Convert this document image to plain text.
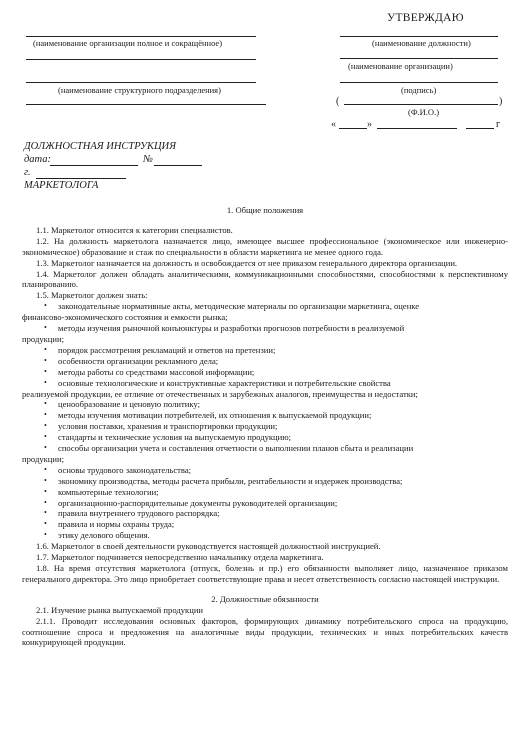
УТВЕРЖДАЮ
(наименование организации полное и сокращённое)	(наименование должности)
(наименование организации)
(наименование структурного подразделения)	(подпись)
(	)
(Ф.И.О.)
«	»	г
ДОЛЖНОСТНАЯ ИНСТРУКЦИЯ
дата:	№
г.
МАРКЕТОЛОГА

1. Общие положения

1.1. Маркетолог относится к категории специалистов.

1.2. На должность маркетолога назначается лицо, имеющее высшее профессиональное (экономическое или инженерно-экономическое) образование и стаж по специальности в области маркетинга не менее одного года.

1.3. Маркетолог назначается на должность и освобождается от нее приказом генерального директора организации.

1.4. Маркетолог должен обладать аналитическими, коммуникационными способностями, способностями к перспективному планированию.

1.5. Маркетолог должен знать:

• законодательные нормативные акты, методические материалы по организации маркетинга, оценке

финансово-экономического состояния и емкости рынка;

• методы изучения рыночной конъюнктуры и разработки прогнозов потребности в реализуемой

продукции;

• порядок рассмотрения рекламаций и ответов на претензии;

• особенности организации рекламного дела;

• методы работы со средствами массовой информации;

• основные технологические и конструктивные характеристики и потребительские свойства

реализуемой продукции, ее отличие от отечественных и зарубежных аналогов, преимущества и недостатки;

• ценообразование и ценовую политику;

• методы изучения мотивации потребителей, их отношения к выпускаемой продукции;

• условия поставки, хранения и транспортировки продукции;

• стандарты и технические условия на выпускаемую продукцию;

• способы организации учета и составления отчетности о выполнении планов сбыта и реализации

продукции;

• основы трудового законодательства;

• экономику производства, методы расчета прибыли, рентабельности и издержек производства;

• компьютерные технологии;

• организационно-распорядительные документы руководителей организации;

• правила внутреннего трудового распорядка;

• правила и нормы охраны труда;

• этику делового общения.

1.6. Маркетолог в своей деятельности руководствуется настоящей должностной инструкцией.

1.7. Маркетолог подчиняется непосредственно начальнику отдела маркетинга.

1.8. На время отсутствия маркетолога (отпуск, болезнь и пр.) его обязанности выполняет лицо, назначенное приказом генерального директора. Это лицо приобретает соответствующие права и несет ответственность согласно настоящей инструкции.

2. Должностные обязанности

2.1. Изучение рынка выпускаемой продукции

2.1.1. Проводит исследования основных факторов, формирующих динамику потребительского спроса на продукцию, соотношение спроса и предложения на аналогичные виды продукции, технических и иных потребительских качеств конкурирующей продукции.
